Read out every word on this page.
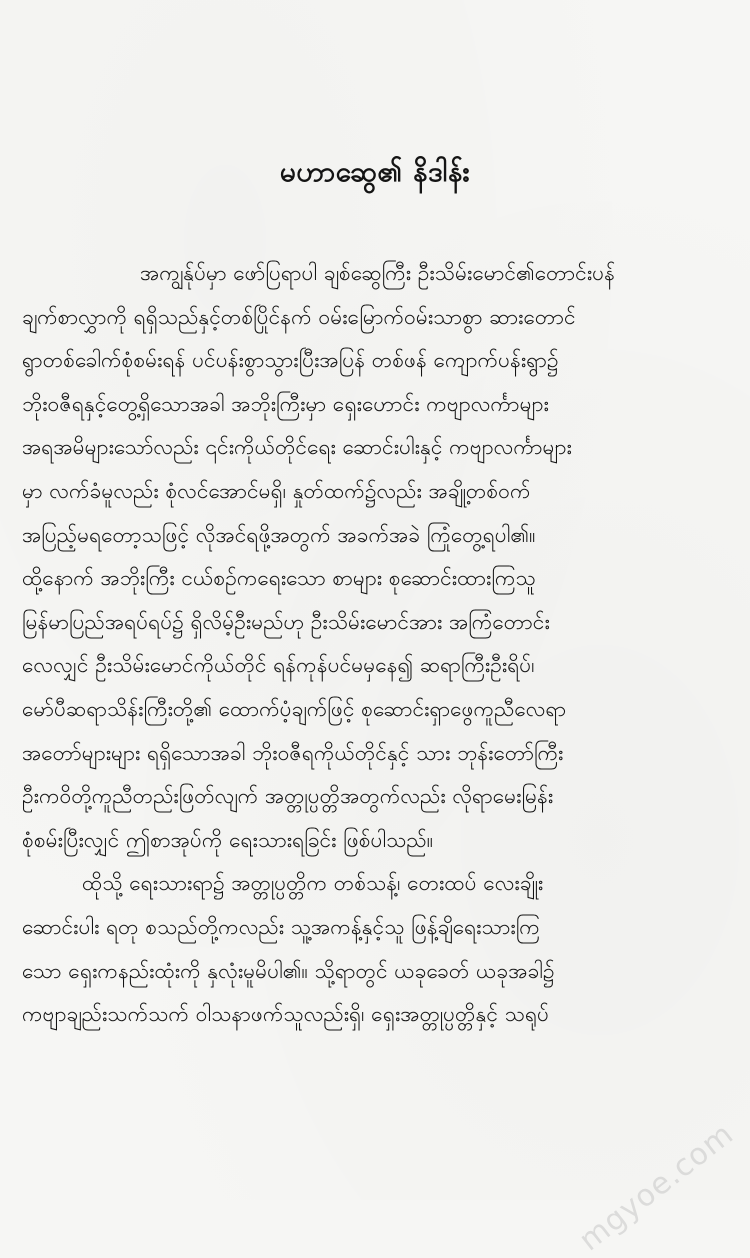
မဟာဆွေ၏ နိဒါန်း
အကျွန်ုပ်မှာ ဖော်ပြရာပါ ချစ်ဆွေကြီး ဦးသိမ်းမောင်၏တောင်းပန်
ချက်စာလွှာကို ရရှိသည်နှင့်တစ်ပြိုင်နက် ဝမ်းမြောက်ဝမ်းသာစွာ ဆားတောင်
ရွာတစ်ခေါက်စုံစမ်းရန် ပင်ပန်းစွာသွားပြီးအပြန် တစ်ဖန် ကျောက်ပန်းရွာ၌
ဘိုးဝဇီရနှင့်တွေ့ရှိသောအခါ အဘိုးကြီးမှာ ရှေးဟောင်း ကဗျာလင်္ကာများ
အရအမိများသော်လည်း ၎င်းကိုယ်တိုင်ရေး ဆောင်းပါးနှင့် ကဗျာလင်္ကာများ
မှာ လက်ခံမူလည်း စုံလင်အောင်မရှိ၊ နှုတ်ထက်၌လည်း အချို့တစ်ဝက်
အပြည့်မရတော့သဖြင့် လိုအင်ရဖို့အတွက် အခက်အခဲ ကြုံတွေ့ရပါ၏။
ထို့နောက် အဘိုးကြီး ငယ်စဉ်ကရေးသော စာများ စုဆောင်းထားကြသူ
မြန်မာပြည်အရပ်ရပ်၌ ရှိလိမ့်ဦးမည်ဟု ဦးသိမ်းမောင်အား အကြံတောင်း
လေလျှင် ဦးသိမ်းမောင်ကိုယ်တိုင် ရန်ကုန်ပင်မမှနေ၍ ဆရာကြီးဦးရိပ်၊
မော်ပီဆရာသိန်းကြီးတို့၏ ထောက်ပံ့ချက်ဖြင့် စုဆောင်းရှာဖွေကူညီလေရာ
အတော်များများ ရရှိသောအခါ ဘိုးဝဇီရကိုယ်တိုင်နှင့် သား ဘုန်းတော်ကြီး
ဦးကဝိတို့ကူညီတည်းဖြတ်လျက် အတ္တုပ္ပတ္တိအတွက်လည်း လိုရာမေးမြန်း
စုံစမ်းပြီးလျှင် ဤစာအုပ်ကို ရေးသားရခြင်း ဖြစ်ပါသည်။
ထိုသို့ ရေးသားရာ၌ အတ္တုပ္ပတ္တိက တစ်သန့်၊ တေးထပ် လေးချိုး
ဆောင်းပါး ရတု စသည်တို့ကလည်း သူ့အကန့်နှင့်သူ ဖြန့်ချိရေးသားကြ
သော ရှေးကနည်းထုံးကို နှလုံးမူမိပါ၏။ သို့ရာတွင် ယခုခေတ် ယခုအခါ၌
ကဗျာချည်းသက်သက် ဝါသနာဖက်သူလည်းရှိ၊ ရှေးအတ္တုပ္ပတ္တိနှင့် သရုပ်
mgyoe.com
